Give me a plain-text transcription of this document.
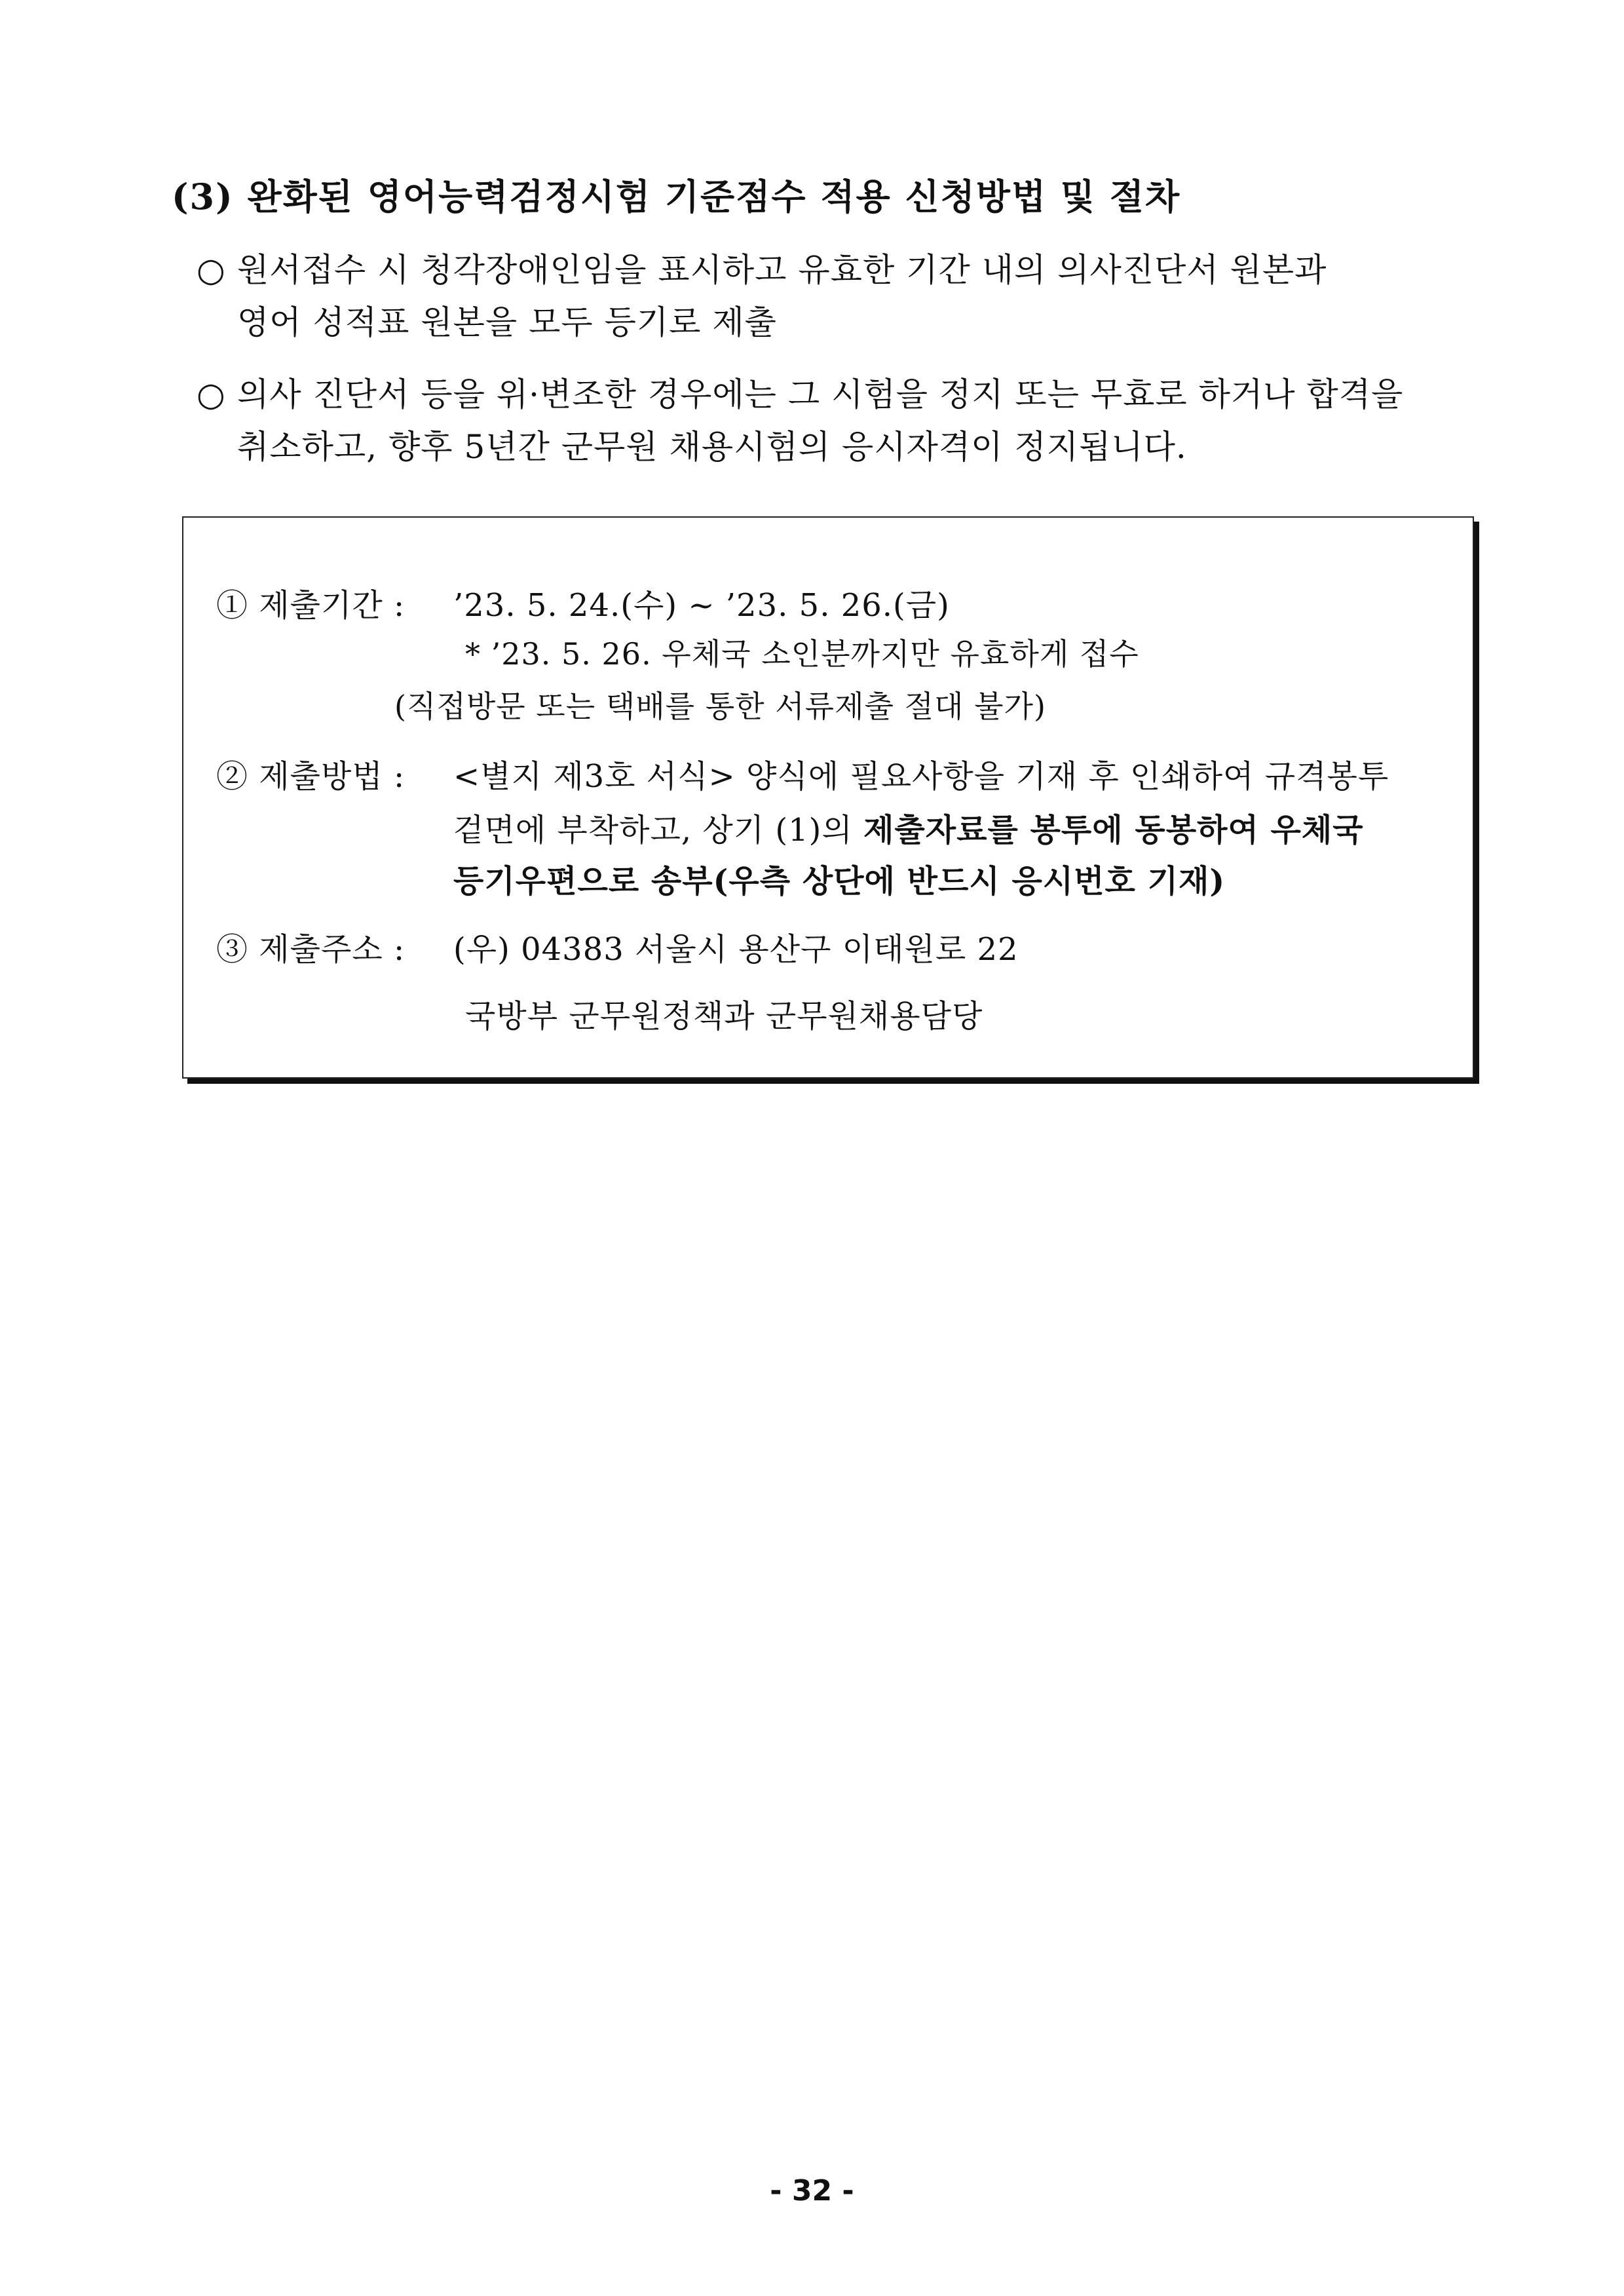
(3) 완화된 영어능력검정시험 기준점수 적용 신청방법 및 절차
○ 원서접수 시 청각장애인임을 표시하고 유효한 기간 내의 의사진단서 원본과
영어 성적표 원본을 모두 등기로 제출
○ 의사 진단서 등을 위·변조한 경우에는 그 시험을 정지 또는 무효로 하거나 합격을
취소하고, 향후 5년간 군무원 채용시험의 응시자격이 정지됩니다.
① 제출기간 : ’23. 5. 24.(수) ~ ’23. 5. 26.(금)
* ’23. 5. 26. 우체국 소인분까지만 유효하게 접수
(직접방문 또는 택배를 통한 서류제출 절대 불가)
② 제출방법 : <별지 제3호 서식> 양식에 필요사항을 기재 후 인쇄하여 규격봉투
겉면에 부착하고, 상기 (1)의 제출자료를 봉투에 동봉하여 우체국
등기우편으로 송부(우측 상단에 반드시 응시번호 기재)
③ 제출주소 : (우) 04383 서울시 용산구 이태원로 22
국방부 군무원정책과 군무원채용담당
- 32 -
